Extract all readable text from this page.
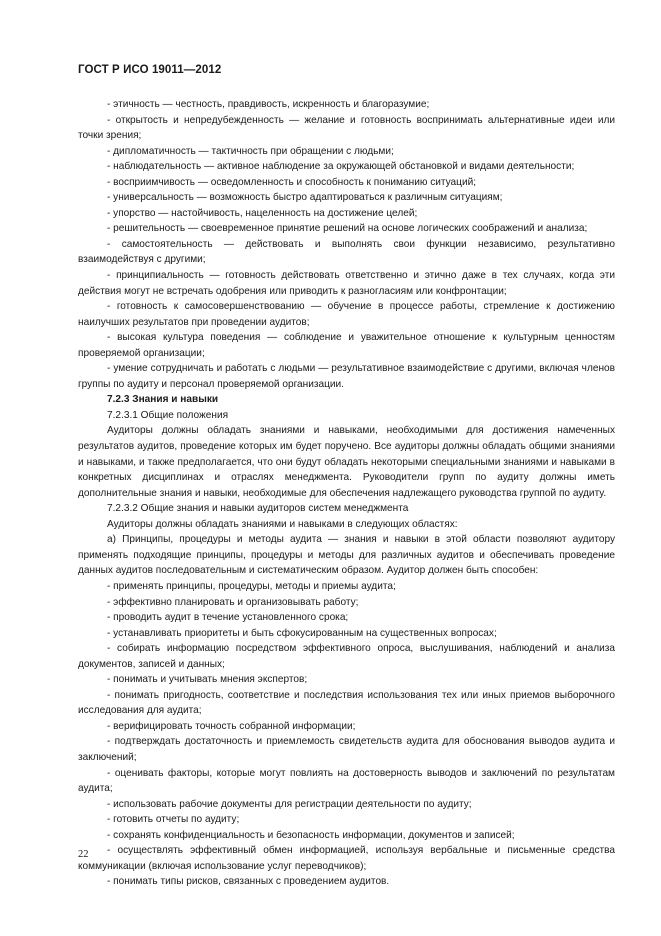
ГОСТ Р ИСО 19011—2012

- этичность — честность, правдивость, искренность и благоразумие;

- открытость и непредубежденность — желание и готовность воспринимать альтернативные идеи или точки зрения;

- дипломатичность — тактичность при обращении с людьми;

- наблюдательность — активное наблюдение за окружающей обстановкой и видами деятельности;

- восприимчивость — осведомленность и способность к пониманию ситуаций;

- универсальность — возможность быстро адаптироваться к различным ситуациям;

- упорство — настойчивость, нацеленность на достижение целей;

- решительность — своевременное принятие решений на основе логических соображений и анализа;

- самостоятельность — действовать и выполнять свои функции независимо, результативно взаимодействуя с другими;

- принципиальность — готовность действовать ответственно и этично даже в тех случаях, когда эти действия могут не встречать одобрения или приводить к разногласиям или конфронтации;

- готовность к самосовершенствованию — обучение в процессе работы, стремление к достижению наилучших результатов при проведении аудитов;

- высокая культура поведения — соблюдение и уважительное отношение к культурным ценностям проверяемой организации;

- умение сотрудничать и работать с людьми — результативное взаимодействие с другими, включая членов группы по аудиту и персонал проверяемой организации.

7.2.3 Знания и навыки

7.2.3.1 Общие положения

Аудиторы должны обладать знаниями и навыками, необходимыми для достижения намеченных результатов аудитов, проведение которых им будет поручено. Все аудиторы должны обладать общими знаниями и навыками, и также предполагается, что они будут обладать некоторыми специальными знаниями и навыками в конкретных дисциплинах и отраслях менеджмента. Руководители групп по аудиту должны иметь дополнительные знания и навыки, необходимые для обеспечения надлежащего руководства группой по аудиту.

7.2.3.2 Общие знания и навыки аудиторов систем менеджмента

Аудиторы должны обладать знаниями и навыками в следующих областях:

а) Принципы, процедуры и методы аудита — знания и навыки в этой области позволяют аудитору применять подходящие принципы, процедуры и методы для различных аудитов и обеспечивать проведение данных аудитов последовательным и систематическим образом. Аудитор должен быть способен:

- применять принципы, процедуры, методы и приемы аудита;

- эффективно планировать и организовывать работу;

- проводить аудит в течение установленного срока;

- устанавливать приоритеты и быть сфокусированным на существенных вопросах;

- собирать информацию посредством эффективного опроса, выслушивания, наблюдений и анализа документов, записей и данных;

- понимать и учитывать мнения экспертов;

- понимать пригодность, соответствие и последствия использования тех или иных приемов выборочного исследования для аудита;

- верифицировать точность собранной информации;

- подтверждать достаточность и приемлемость свидетельств аудита для обоснования выводов аудита и заключений;

- оценивать факторы, которые могут повлиять на достоверность выводов и заключений по результатам аудита;

- использовать рабочие документы для регистрации деятельности по аудиту;

- готовить отчеты по аудиту;

- сохранять конфиденциальность и безопасность информации, документов и записей;

- осуществлять эффективный обмен информацией, используя вербальные и письменные средства коммуникации (включая использование услуг переводчиков);

- понимать типы рисков, связанных с проведением аудитов.

22
